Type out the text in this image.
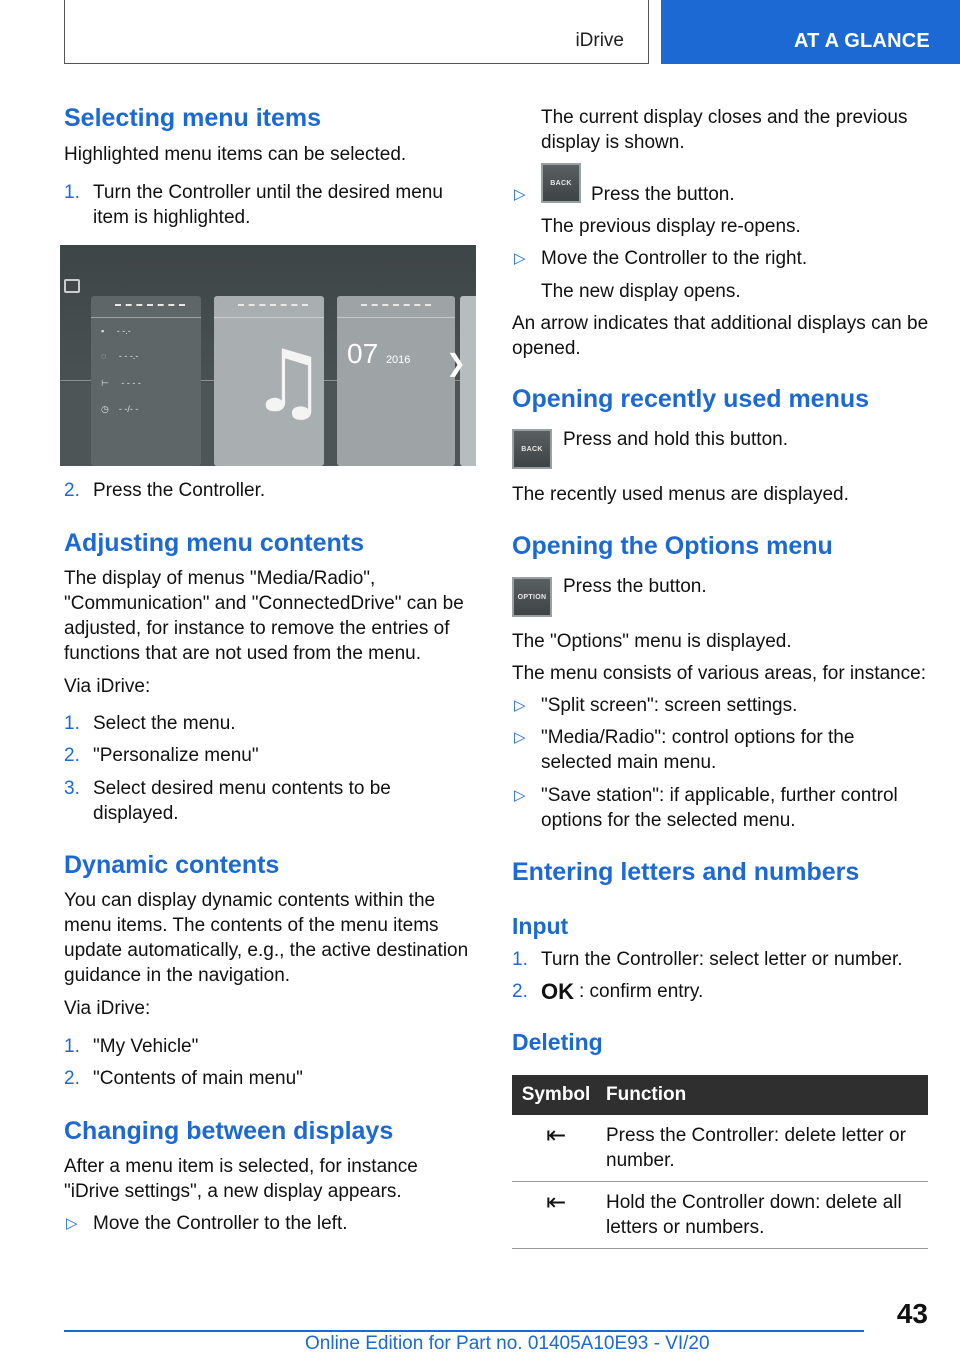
iDrive	AT A GLANCE
Selecting menu items
Highlighted menu items can be selected.
1. Turn the Controller until the desired menu item is highlighted.
▪     - -.-
◌     - - -.-
⊢     - - - -
◷    - -/- - ♫ 07 2016 ❯
2. Press the Controller.
Adjusting menu contents
The display of menus "Media/Radio", "Communication" and "ConnectedDrive" can be adjusted, for instance to remove the entries of functions that are not used from the menu.
Via iDrive:
1. Select the menu.
2. "Personalize menu"
3. Select desired menu contents to be displayed.
Dynamic contents
You can display dynamic contents within the menu items. The contents of the menu items update automatically, e.g., the active destination guidance in the navigation.
Via iDrive:
1. "My Vehicle"
2. "Contents of main menu"
Changing between displays
After a menu item is selected, for instance "iDrive settings", a new display appears.
▷ Move the Controller to the left.
The current display closes and the previous display is shown.
▷
BACK
Press the button.
The previous display re-opens.
▷ Move the Controller to the right.
The new display opens.
An arrow indicates that additional displays can be opened.
Opening recently used menus
BACK	Press and hold this button.
The recently used menus are displayed.
Opening the Options menu
OPTION Press the button.
The "Options" menu is displayed.
The menu consists of various areas, for instance:
▷ "Split screen": screen settings.
▷ "Media/Radio": control options for the selected main menu.
▷ "Save station": if applicable, further control options for the selected menu.
Entering letters and numbers
Input
1. Turn the Controller: select letter or number.
2. OK : confirm entry.
Deleting
Symbol	Function
⇤	Press the Controller: delete letter or number.
⇤	Hold the Controller down: delete all letters or numbers.
43
Online Edition for Part no. 01405A10E93 - VI/20
